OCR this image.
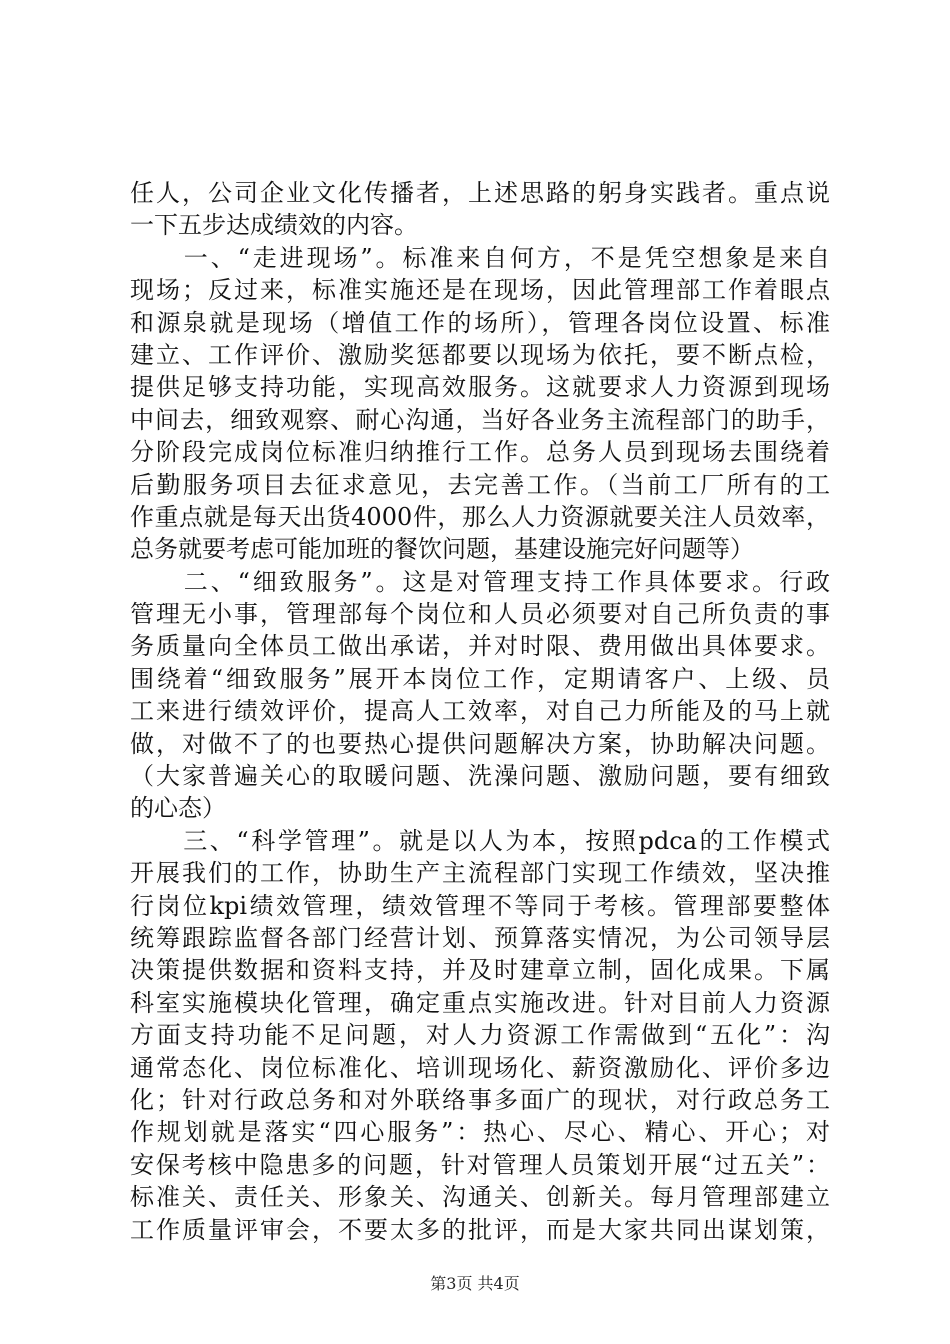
任人，公司企业文化传播者，上述思路的躬身实践者。重点说
一下五步达成绩效的内容。
　　一、“走进现场”。标准来自何方，不是凭空想象是来自
现场；反过来，标准实施还是在现场，因此管理部工作着眼点
和源泉就是现场（增值工作的场所），管理各岗位设置、标准
建立、工作评价、激励奖惩都要以现场为依托，要不断点检，
提供足够支持功能，实现高效服务。这就要求人力资源到现场
中间去，细致观察、耐心沟通，当好各业务主流程部门的助手，
分阶段完成岗位标准归纳推行工作。总务人员到现场去围绕着
后勤服务项目去征求意见，去完善工作。（当前工厂所有的工
作重点就是每天出货4000件，那么人力资源就要关注人员效率，
总务就要考虑可能加班的餐饮问题，基建设施完好问题等）
　　二、“细致服务”。这是对管理支持工作具体要求。行政
管理无小事，管理部每个岗位和人员必须要对自己所负责的事
务质量向全体员工做出承诺，并对时限、费用做出具体要求。
围绕着“细致服务”展开本岗位工作，定期请客户、上级、员
工来进行绩效评价，提高人工效率，对自己力所能及的马上就
做，对做不了的也要热心提供问题解决方案，协助解决问题。
（大家普遍关心的取暖问题、洗澡问题、激励问题，要有细致
的心态）
　　三、“科学管理”。就是以人为本，按照pdca的工作模式
开展我们的工作，协助生产主流程部门实现工作绩效，坚决推
行岗位kpi绩效管理，绩效管理不等同于考核。管理部要整体
统筹跟踪监督各部门经营计划、预算落实情况，为公司领导层
决策提供数据和资料支持，并及时建章立制，固化成果。下属
科室实施模块化管理，确定重点实施改进。针对目前人力资源
方面支持功能不足问题，对人力资源工作需做到“五化”：沟
通常态化、岗位标准化、培训现场化、薪资激励化、评价多边
化；针对行政总务和对外联络事多面广的现状，对行政总务工
作规划就是落实“四心服务”：热心、尽心、精心、开心；对
安保考核中隐患多的问题，针对管理人员策划开展“过五关”：
标准关、责任关、形象关、沟通关、创新关。每月管理部建立
工作质量评审会，不要太多的批评，而是大家共同出谋划策，
第3页 共4页
